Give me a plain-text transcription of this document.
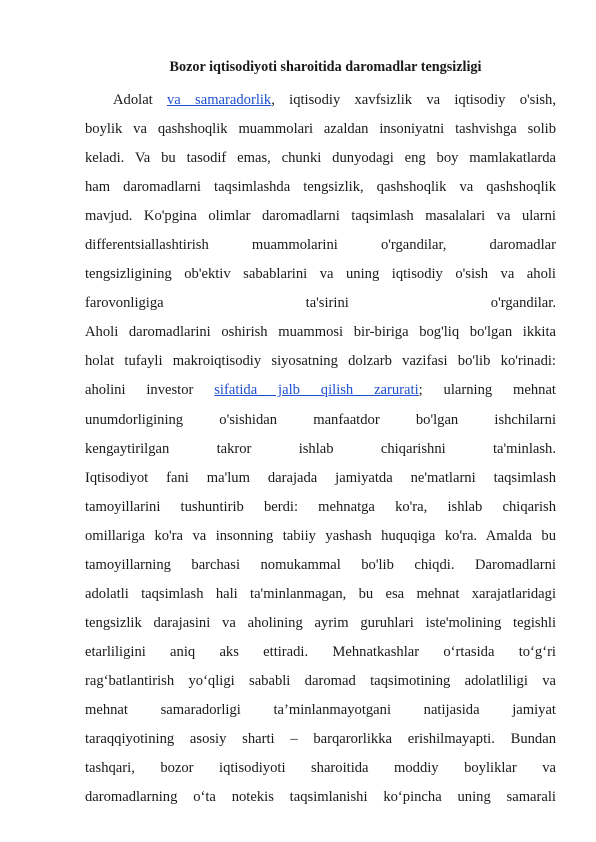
Bozor iqtisodiyoti sharoitida daromadlar tengsizligi
Adolat va samaradorlik, iqtisodiy xavfsizlik va iqtisodiy o'sish,
boylik va qashshoqlik muammolari azaldan insoniyatni tashvishga solib
keladi. Va bu tasodif emas, chunki dunyodagi eng boy mamlakatlarda
ham daromadlarni taqsimlashda tengsizlik, qashshoqlik va qashshoqlik
mavjud. Ko'pgina olimlar daromadlarni taqsimlash masalalari va ularni
differentsiallashtirish muammolarini o'rgandilar, daromadlar
tengsizligining ob'ektiv sabablarini va uning iqtisodiy o'sish va aholi
farovonligiga ta'sirini o'rgandilar.
Aholi daromadlarini oshirish muammosi bir-biriga bog'liq bo'lgan ikkita
holat tufayli makroiqtisodiy siyosatning dolzarb vazifasi bo'lib ko'rinadi:
aholini investor sifatida jalb qilish zarurati; ularning mehnat
unumdorligining o'sishidan manfaatdor bo'lgan ishchilarni
kengaytirilgan takror ishlab chiqarishni ta'minlash.
Iqtisodiyot fani ma'lum darajada jamiyatda ne'matlarni taqsimlash
tamoyillarini tushuntirib berdi: mehnatga ko'ra, ishlab chiqarish
omillariga ko'ra va insonning tabiiy yashash huquqiga ko'ra. Amalda bu
tamoyillarning barchasi nomukammal bo'lib chiqdi. Daromadlarni
adolatli taqsimlash hali ta'minlanmagan, bu esa mehnat xarajatlaridagi
tengsizlik darajasini va aholining ayrim guruhlari iste'molining tegishli
etarliligini aniq aks ettiradi. Mehnatkashlar o‘rtasida to‘g‘ri
rag‘batlantirish yo‘qligi sababli daromad taqsimotining adolatliligi va
mehnat samaradorligi ta’minlanmayotgani natijasida jamiyat
taraqqiyotining asosiy sharti – barqarorlikka erishilmayapti. Bundan
tashqari, bozor iqtisodiyoti sharoitida moddiy boyliklar va
daromadlarning o‘ta notekis taqsimlanishi ko‘pincha uning samarali
